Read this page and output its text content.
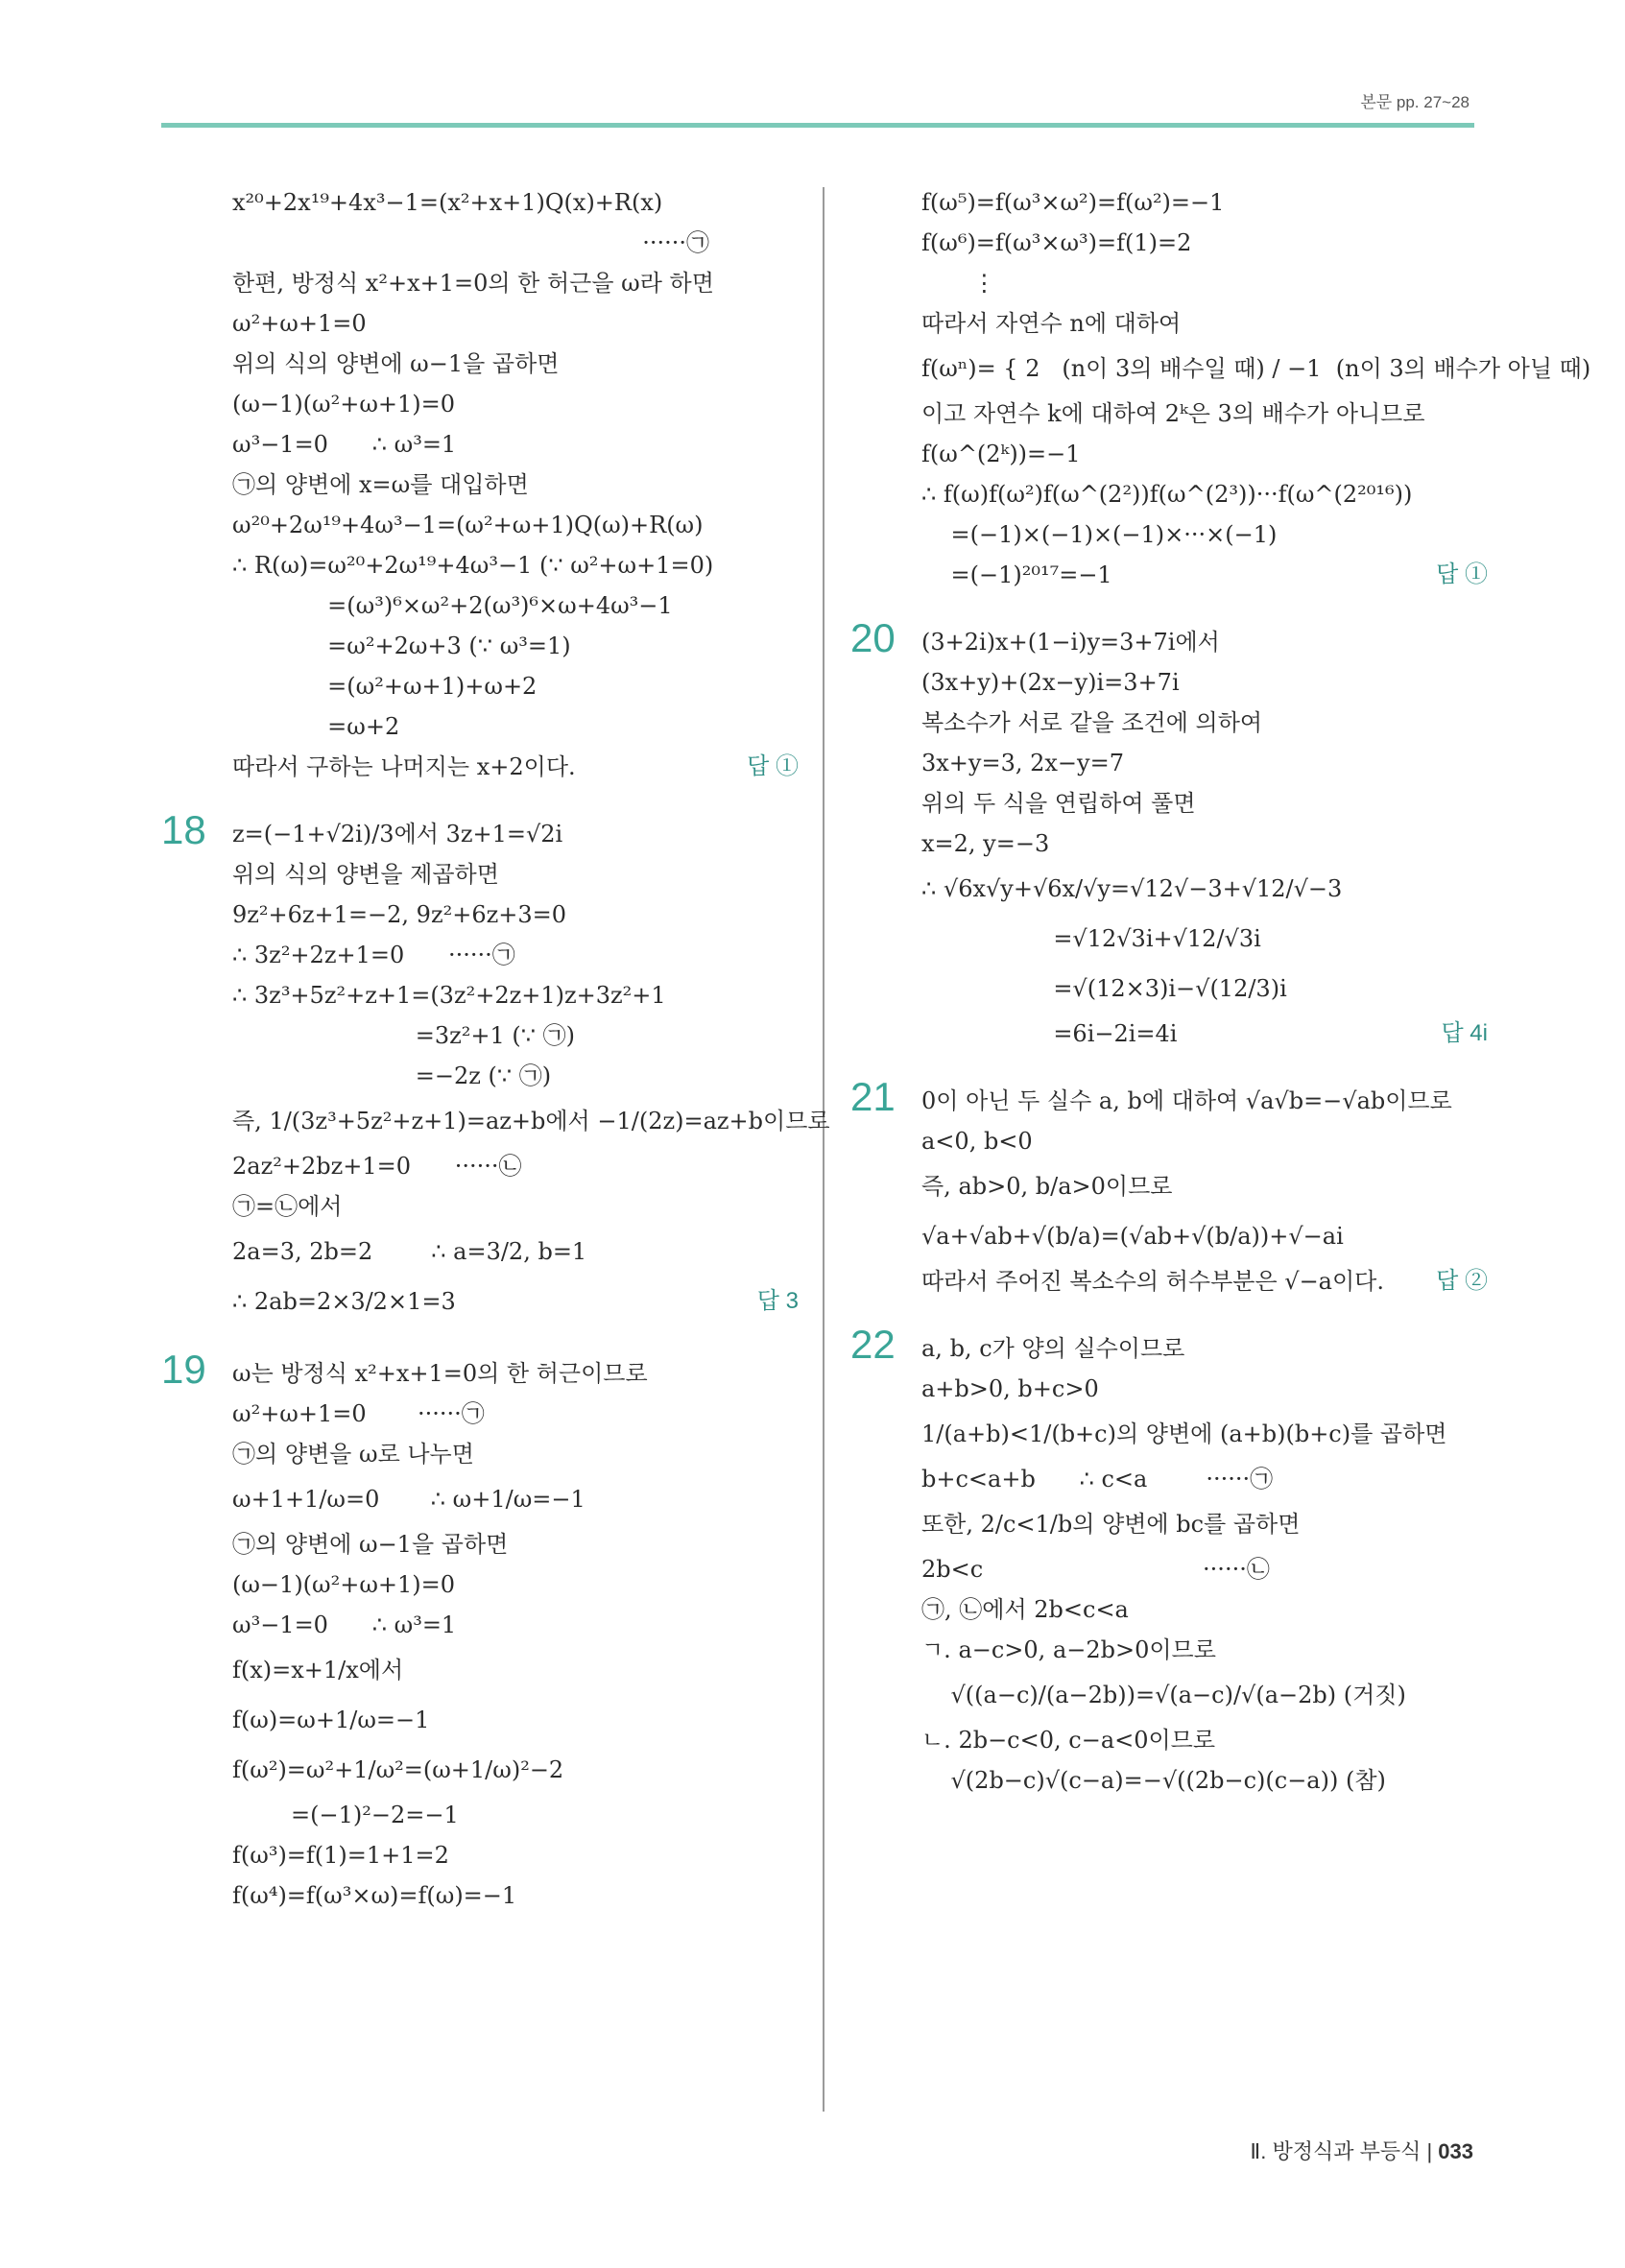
본문 pp. 27~28
x²⁰+2x¹⁹+4x³−1=(x²+x+1)Q(x)+R(x)
······㉠
한편, 방정식 x²+x+1=0의 한 허근을 ω라 하면
ω²+ω+1=0
위의 식의 양변에 ω−1을 곱하면
(ω−1)(ω²+ω+1)=0
ω³−1=0      ∴ ω³=1
㉠의 양변에 x=ω를 대입하면
ω²⁰+2ω¹⁹+4ω³−1=(ω²+ω+1)Q(ω)+R(ω)
∴ R(ω)=ω²⁰+2ω¹⁹+4ω³−1 (∵ ω²+ω+1=0)
=(ω³)⁶×ω²+2(ω³)⁶×ω+4ω³−1
=ω²+2ω+3 (∵ ω³=1)
=(ω²+ω+1)+ω+2
=ω+2
따라서 구하는 나머지는 x+2이다.	답 ①
18 z=(−1+√2i)/3에서 3z+1=√2i
위의 식의 양변을 제곱하면
9z²+6z+1=−2, 9z²+6z+3=0
∴ 3z²+2z+1=0      ······㉠
∴ 3z³+5z²+z+1=(3z²+2z+1)z+3z²+1
=3z²+1 (∵ ㉠)
=−2z (∵ ㉠)
즉, 1/(3z³+5z²+z+1)=az+b에서 −1/(2z)=az+b이므로
2az²+2bz+1=0      ······㉡
㉠=㉡에서
2a=3, 2b=2        ∴ a=3/2, b=1
∴ 2ab=2×3/2×1=3	답 3
19 ω는 방정식 x²+x+1=0의 한 허근이므로
ω²+ω+1=0       ······㉠
㉠의 양변을 ω로 나누면
ω+1+1/ω=0       ∴ ω+1/ω=−1
㉠의 양변에 ω−1을 곱하면
(ω−1)(ω²+ω+1)=0
ω³−1=0      ∴ ω³=1
f(x)=x+1/x에서
f(ω)=ω+1/ω=−1
f(ω²)=ω²+1/ω²=(ω+1/ω)²−2
=(−1)²−2=−1
f(ω³)=f(1)=1+1=2
f(ω⁴)=f(ω³×ω)=f(ω)=−1
f(ω⁵)=f(ω³×ω²)=f(ω²)=−1
f(ω⁶)=f(ω³×ω³)=f(1)=2
⋮
따라서 자연수 n에 대하여
f(ωⁿ)= { 2   (n이 3의 배수일 때) / −1  (n이 3의 배수가 아닐 때)
이고 자연수 k에 대하여 2ᵏ은 3의 배수가 아니므로
f(ω^(2ᵏ))=−1
∴ f(ω)f(ω²)f(ω^(2²))f(ω^(2³))···f(ω^(2²⁰¹⁶))
=(−1)×(−1)×(−1)×···×(−1)
=(−1)²⁰¹⁷=−1	답 ①
20 (3+2i)x+(1−i)y=3+7i에서
(3x+y)+(2x−y)i=3+7i
복소수가 서로 같을 조건에 의하여
3x+y=3, 2x−y=7
위의 두 식을 연립하여 풀면
x=2, y=−3
∴ √6x√y+√6x/√y=√12√−3+√12/√−3
=√12√3i+√12/√3i
=√(12×3)i−√(12/3)i
=6i−2i=4i	답 4i
21 0이 아닌 두 실수 a, b에 대하여 √a√b=−√ab이므로
a<0, b<0
즉, ab>0, b/a>0이므로
√a+√ab+√(b/a)=(√ab+√(b/a))+√−ai
따라서 주어진 복소수의 허수부분은 √−a이다. 답 ②
22 a, b, c가 양의 실수이므로
a+b>0, b+c>0
1/(a+b)<1/(b+c)의 양변에 (a+b)(b+c)를 곱하면
b+c<a+b      ∴ c<a        ······㉠
또한, 2/c<1/b의 양변에 bc를 곱하면
2b<c                              ······㉡
㉠, ㉡에서 2b<c<a
ㄱ. a−c>0, a−2b>0이므로
√((a−c)/(a−2b))=√(a−c)/√(a−2b) (거짓)
ㄴ. 2b−c<0, c−a<0이므로
√(2b−c)√(c−a)=−√((2b−c)(c−a)) (참)
Ⅱ. 방정식과 부등식 | 033
